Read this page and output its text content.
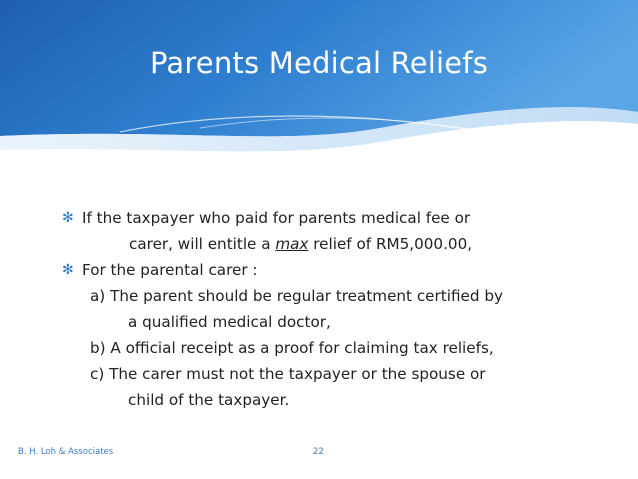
Parents Medical Reliefs
✻ If the taxpayer who paid for parents medical fee or
carer, will entitle a max relief of RM5,000.00,
✻ For the parental carer :
a) The parent should be regular treatment certified by
a qualified medical doctor,
b) A official receipt as a proof for claiming tax reliefs,
c) The carer must not the taxpayer or the spouse or
child of the taxpayer.
B. H. Loh & Associates	22
